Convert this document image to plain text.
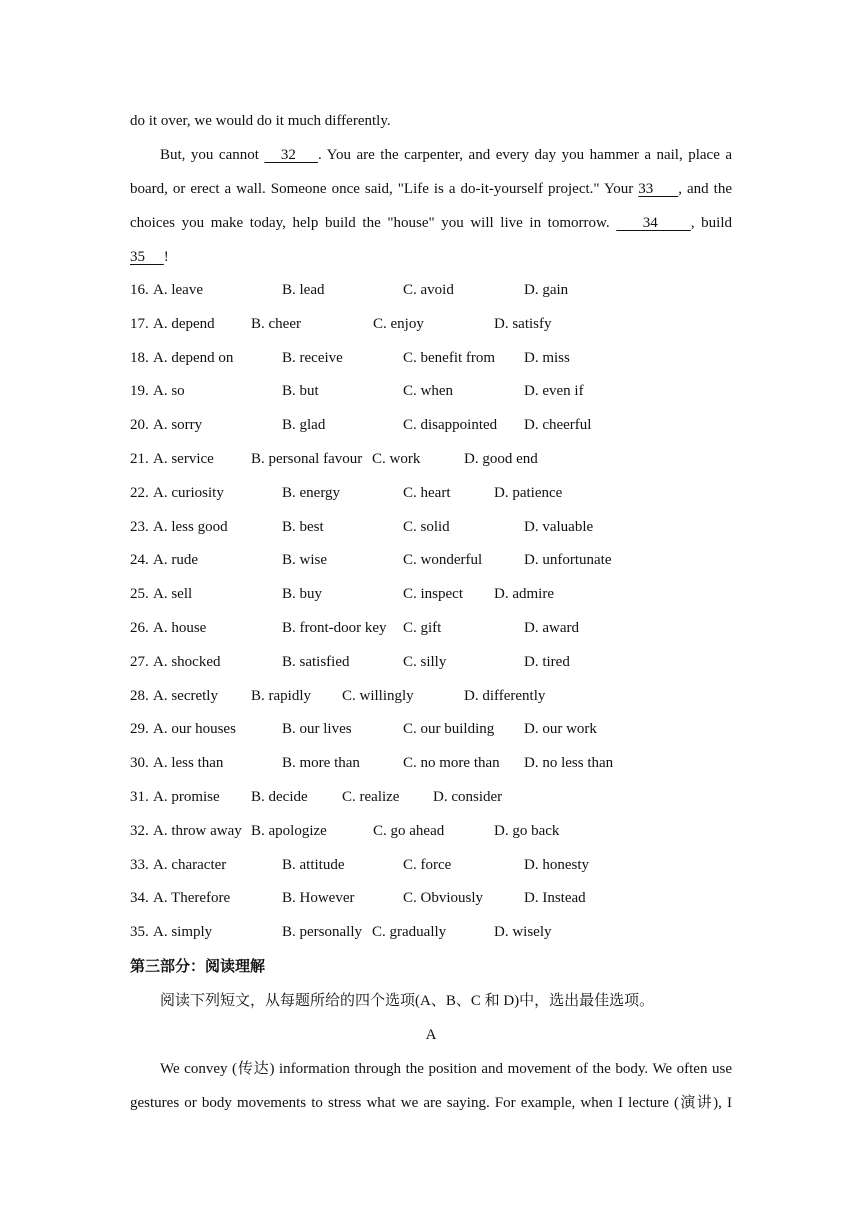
do it over, we would do it much differently.
But, you cannot    32    . You are the carpenter, and every day you hammer a nail, place a
board, or erect a wall. Someone once said, "Life is a do-it-yourself project." Your 33     , and the
choices you make today, help build the "house" you will live in tomorrow.     34     , build
35     !
16. A. leave	B. lead	C. avoid	D. gain
17. A. depend B. cheer	C. enjoy	D. satisfy
18. A. depend on	B. receive	C. benefit from D. miss
19. A. so	B. but	C. when	D. even if
20. A. sorry	B. glad	C. disappointed D. cheerful
21. A. service B. personal favour C. work	D. good end
22. A. curiosity	B. energy	C. heart	D. patience
23. A. less good	B. best	C. solid	D. valuable
24. A. rude	B. wise	C. wonderful	D. unfortunate
25. A. sell	B. buy	C. inspect D. admire
26. A. house	B. front-door key C. gift	D. award
27. A. shocked	B. satisfied	C. silly	D. tired
28. A. secretly B. rapidly C. willingly	D. differently
29. A. our houses	B. our lives	C. our building D. our work
30. A. less than	B. more than	C. no more than D. no less than
31. A. promise B. decide C. realize D. consider
32. A. throw away B. apologize	C. go ahead	D. go back
33. A. character	B. attitude	C. force	D. honesty
34. A. Therefore	B. However	C. Obviously	D. Instead
35. A. simply	B. personally C. gradually	D. wisely
第三部分：阅读理解
阅读下列短文，从每题所给的四个选项(A、B、C 和 D)中，选出最佳选项。
A
We convey (传达) information through the position and movement of the body. We often use
gestures or body movements to stress what we are saying. For example, when I lecture (演讲), I
